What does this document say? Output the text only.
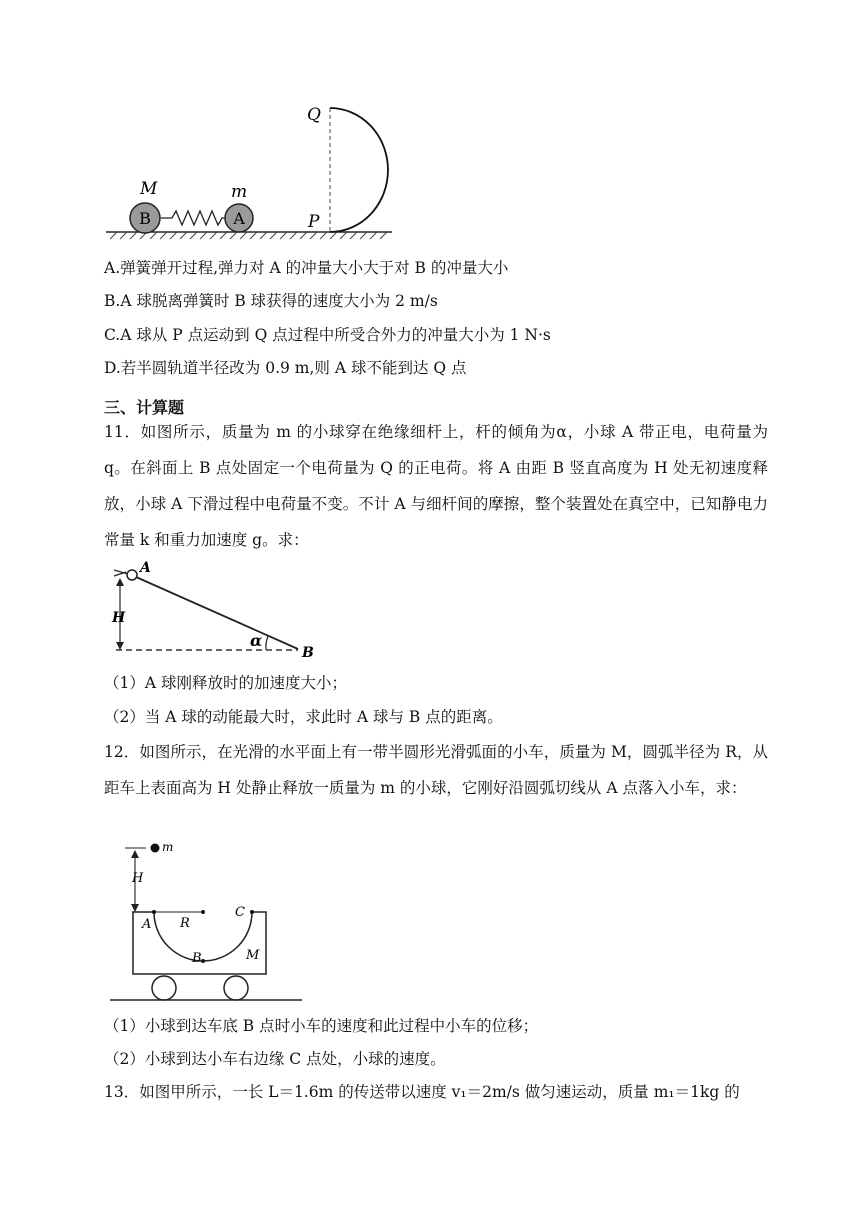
B	A
M	m
Q
P
A.弹簧弹开过程,弹力对 A 的冲量大小大于对 B 的冲量大小
B.A 球脱离弹簧时 B 球获得的速度大小为 2 m/s
C.A 球从 P 点运动到 Q 点过程中所受合外力的冲量大小为 1 N·s
D.若半圆轨道半径改为 0.9 m,则 A 球不能到达 Q 点
三、计算题
11．如图所示，质量为 m 的小球穿在绝缘细杆上，杆的倾角为α，小球 A 带正电，电荷量为 q。在斜面上 B 点处固定一个电荷量为 Q 的正电荷。将 A 由距 B 竖直高度为 H 处无初速度释放，小球 A 下滑过程中电荷量不变。不计 A 与细杆间的摩擦，整个装置处在真空中，已知静电力常量 k 和重力加速度 g。求：
A
H
α
B
（1）A 球刚释放时的加速度大小；
（2）当 A 球的动能最大时，求此时 A 球与 B 点的距离。
12．如图所示，在光滑的水平面上有一带半圆形光滑弧面的小车，质量为 M，圆弧半径为 R，从距车上表面高为 H 处静止释放一质量为 m 的小球，它刚好沿圆弧切线从 A 点落入小车，求：
m
H
A R
C
B	M
（1）小球到达车底 B 点时小车的速度和此过程中小车的位移；
（2）小球到达小车右边缘 C 点处，小球的速度。
13．如图甲所示，一长 L＝1.6m 的传送带以速度 v₁＝2m/s 做匀速运动，质量 m₁＝1kg 的
